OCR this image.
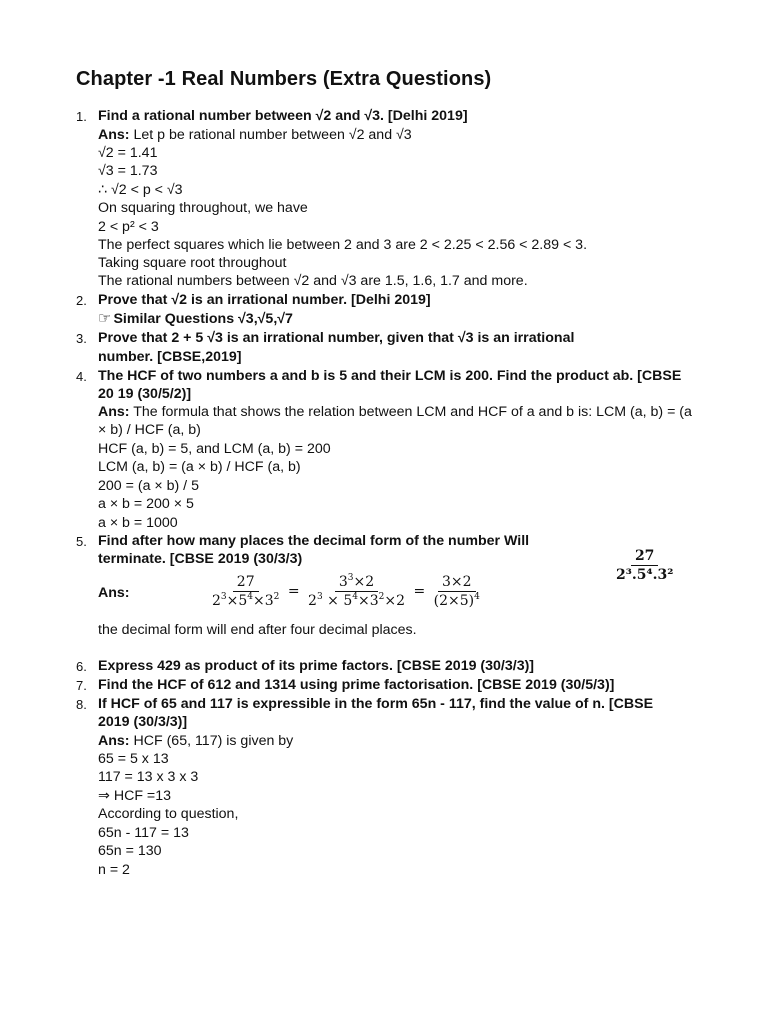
Chapter -1 Real Numbers (Extra Questions)
1. Find a rational number between √2 and √3. [Delhi 2019]
Ans: Let p be rational number between √2 and √3
√2 = 1.41
√3 = 1.73
∴ √2 < p < √3
On squaring throughout, we have
2 < p² < 3
The perfect squares which lie between 2 and 3 are 2 < 2.25 < 2.56 < 2.89 < 3.
Taking square root throughout
The rational numbers between √2 and √3 are 1.5, 1.6, 1.7 and more.
2. Prove that √2 is an irrational number. [Delhi 2019]
☞ Similar Questions √3,√5,√7
3. Prove that 2 + 5 √3 is an irrational number, given that √3 is an irrational
number. [CBSE,2019]
4. The HCF of two numbers a and b is 5 and their LCM is 200. Find the product ab. [CBSE
20 19 (30/5/2)]
Ans: The formula that shows the relation between LCM and HCF of a and b is: LCM (a, b) = (a
× b) / HCF (a, b)
HCF (a, b) = 5, and LCM (a, b) = 200
LCM (a, b) = (a × b) / HCF (a, b)
200 = (a × b) / 5
a × b = 200 × 5
a × b = 1000
5. Find after how many places the decimal form of the number Will
terminate. [CBSE 2019 (30/3/3)	$\frac{27}{\text{2³.5⁴.3²}}$
Ans:	$\frac{27}{2^3\times 5^4\times 3^2} = \frac{3^3\times 2}{2^3 \times 5^4\times 3^2\times 2} = \frac{3\times 2}{(2\times 5)^4}$
the decimal form will end after four decimal places.
6. Express 429 as product of its prime factors. [CBSE 2019 (30/3/3)]
7. Find the HCF of 612 and 1314 using prime factorisation. [CBSE 2019 (30/5/3)]
8. If HCF of 65 and 117 is expressible in the form 65n - 117, find the value of n. [CBSE
2019 (30/3/3)]
Ans: HCF (65, 117) is given by
65 = 5 x 13
117 = 13 x 3 x 3
⇒ HCF =13
According to question,
65n - 117 = 13
65n = 130
n = 2
